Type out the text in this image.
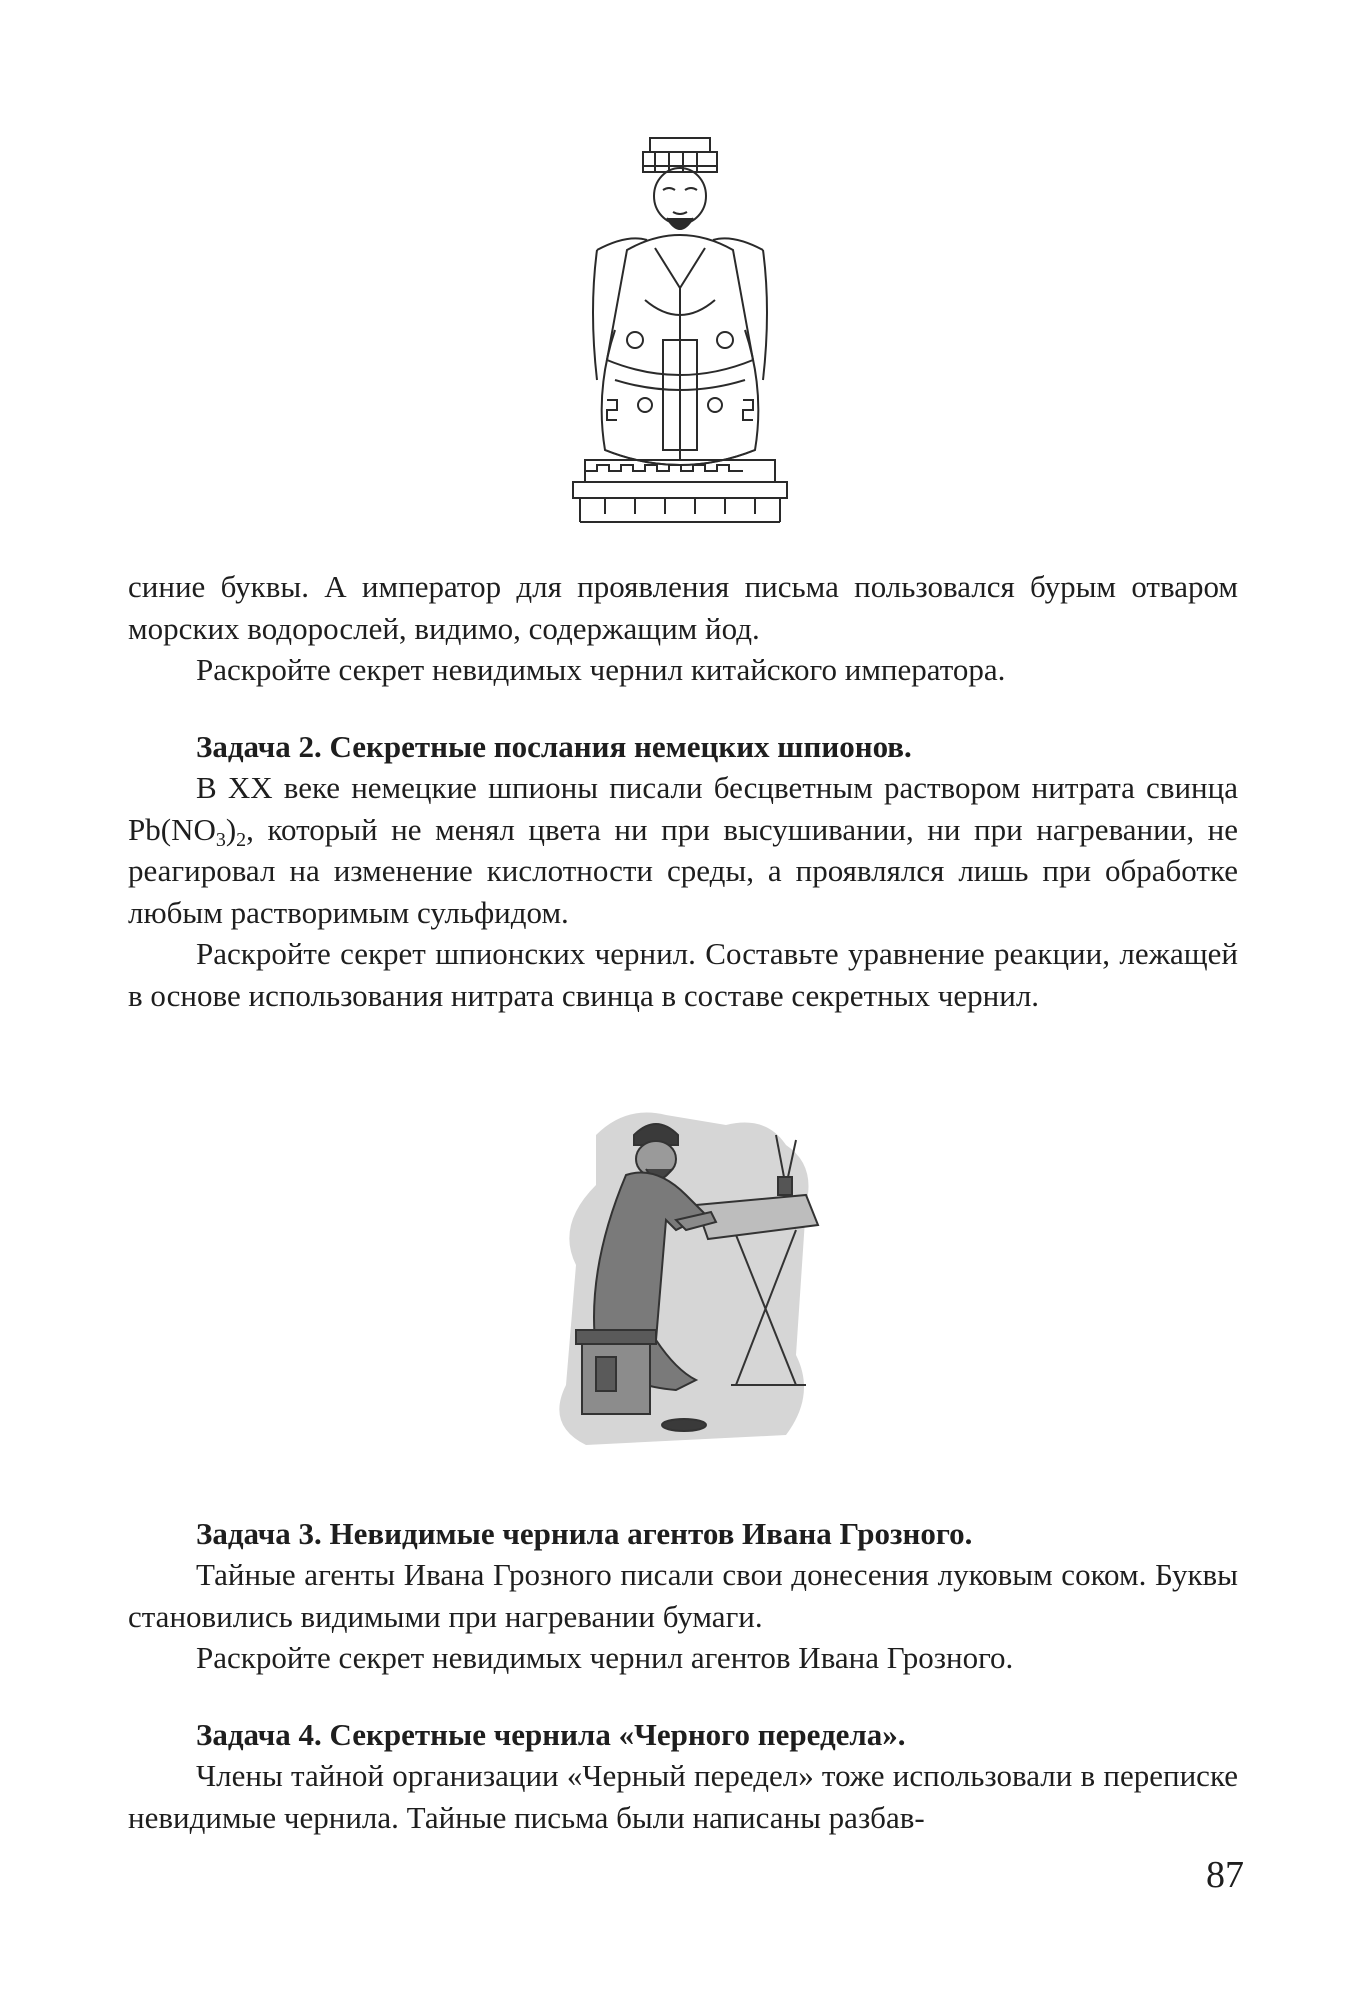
синие буквы. А император для проявления письма пользовался бурым отваром морских водорослей, видимо, содержащим йод.

Раскройте секрет невидимых чернил китайского императора.

Задача 2. Секретные послания немецких шпионов.

В XX веке немецкие шпионы писали бесцветным раствором нитрата свинца $Pb(NO_3)_2$, который не менял цвета ни при высушивании, ни при нагревании, не реагировал на изменение кислотности среды, а проявлялся лишь при обработке любым растворимым сульфидом.

Раскройте секрет шпионских чернил. Составьте уравнение реакции, лежащей в основе использования нитрата свинца в составе секретных чернил.

Задача 3. Невидимые чернила агентов Ивана Грозного.

Тайные агенты Ивана Грозного писали свои донесения луковым соком. Буквы становились видимыми при нагревании бумаги.

Раскройте секрет невидимых чернил агентов Ивана Грозного.

Задача 4. Секретные чернила «Черного передела».

Члены тайной организации «Черный передел» тоже использовали в переписке невидимые чернила. Тайные письма были написаны разбав-

87
